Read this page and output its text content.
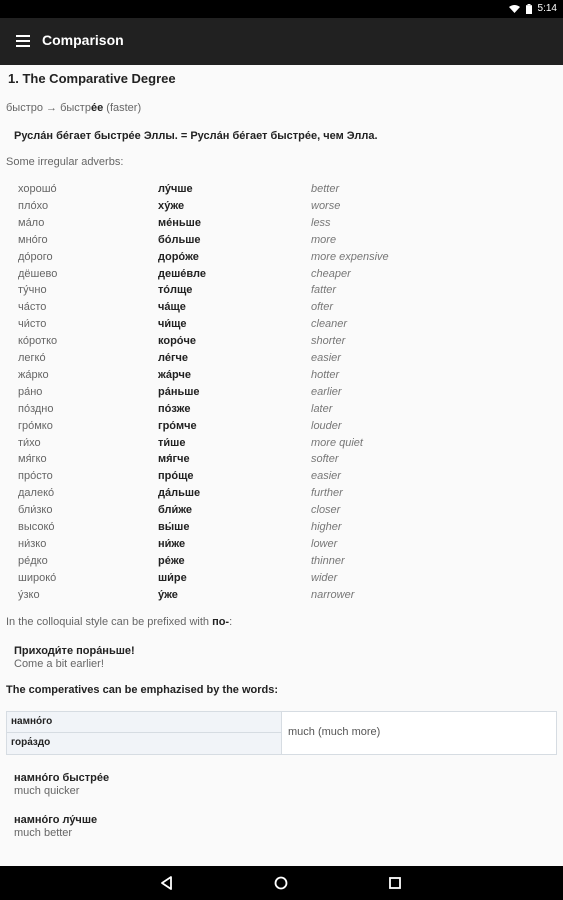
5:14
Comparison
1. The Comparative Degree
быстро → быстре́е (faster)
Русла́н бе́гает быстре́е Эллы. = Русла́н бе́гает быстре́е, чем Элла.
Some irregular adverbs:
хорошо́	лу́чше	better
пло́хо	ху́же	worse
ма́ло	ме́ньше	less
мно́го	бо́льше	more
до́рого	доро́же	more expensive
дёшево	деше́вле	cheaper
ту́чно	то́лще	fatter
ча́сто	ча́ще	ofter
чи́сто	чи́ще	cleaner
ко́ротко	коро́че	shorter
легко́	ле́гче	easier
жа́рко	жа́рче	hotter
ра́но	ра́ньше	earlier
по́здно	по́зже	later
гро́мко	гро́мче	louder
ти́хо	ти́ше	more quiet
мя́гко	мя́гче	softer
про́сто	про́ще	easier
далеко́	да́льше	further
бли́зко	бли́же	closer
высоко́	вы́ше	higher
ни́зко	ни́же	lower
ре́дко	ре́же	thinner
широко́	ши́ре	wider
у́зко	у́же	narrower
In the colloquial style can be prefixed with по-:
Приходи́те пора́ньше!
Come a bit earlier!
The comperatives can be emphazised by the words:
намно́го
гора́здо
much (much more)
намно́го быстре́е
much quicker
намно́го лу́чше
much better
